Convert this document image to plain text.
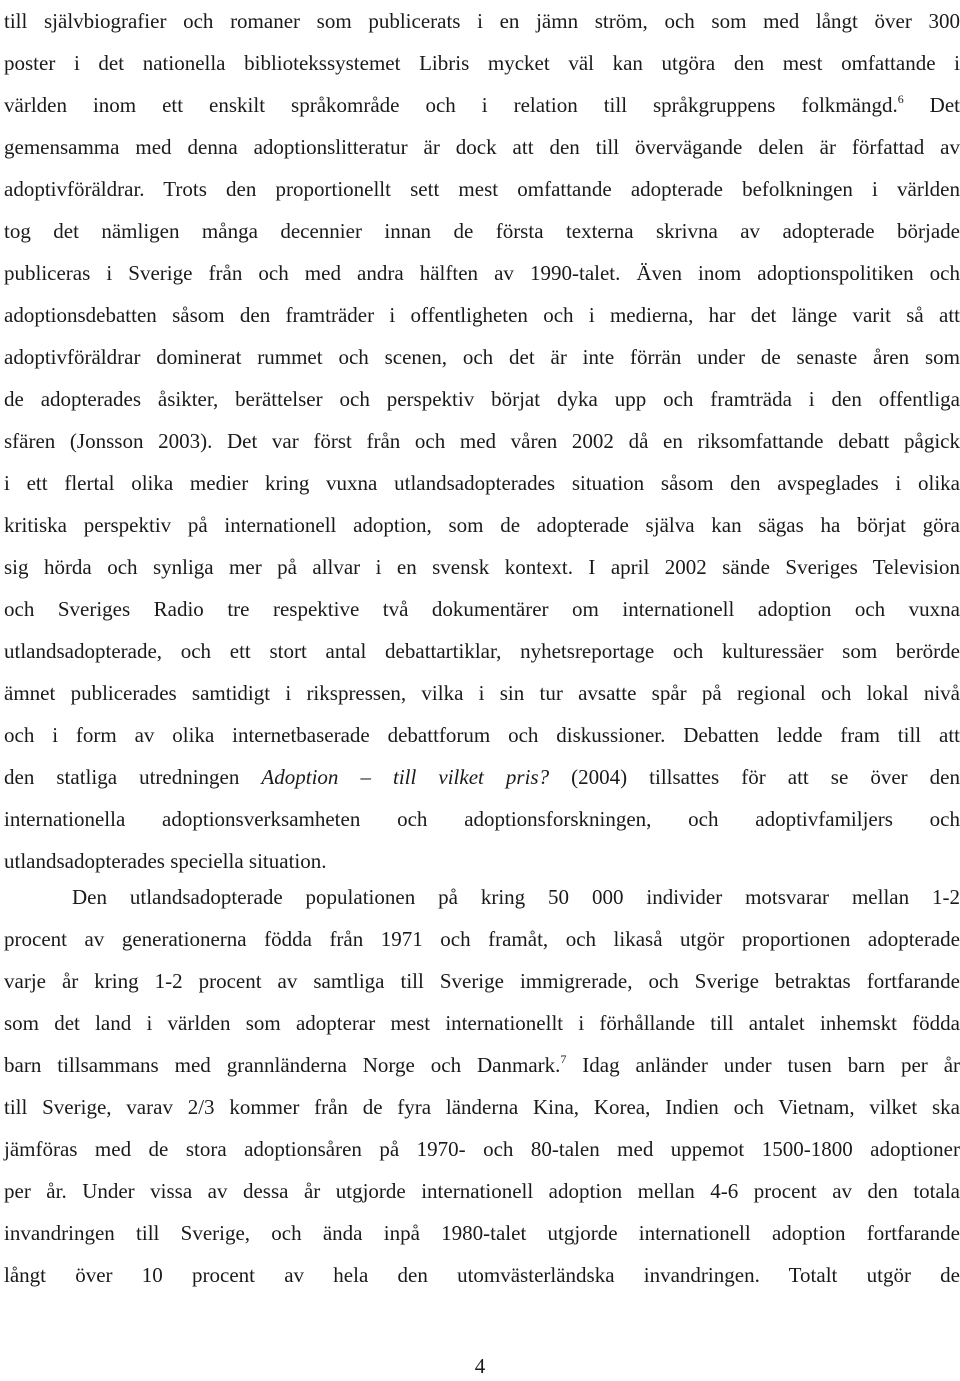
till självbiografier och romaner som publicerats i en jämn ström, och som med långt över 300
poster i det nationella bibliotekssystemet Libris mycket väl kan utgöra den mest omfattande i
världen inom ett enskilt språkområde och i relation till språkgruppens folkmängd.$^6$ Det
gemensamma med denna adoptionslitteratur är dock att den till övervägande delen är författad av
adoptivföräldrar. Trots den proportionellt sett mest omfattande adopterade befolkningen i världen
tog det nämligen många decennier innan de första texterna skrivna av adopterade började
publiceras i Sverige från och med andra hälften av 1990-talet. Även inom adoptionspolitiken och
adoptionsdebatten såsom den framträder i offentligheten och i medierna, har det länge varit så att
adoptivföräldrar dominerat rummet och scenen, och det är inte förrän under de senaste åren som
de adopterades åsikter, berättelser och perspektiv börjat dyka upp och framträda i den offentliga
sfären (Jonsson 2003). Det var först från och med våren 2002 då en riksomfattande debatt pågick
i ett flertal olika medier kring vuxna utlandsadopterades situation såsom den avspeglades i olika
kritiska perspektiv på internationell adoption, som de adopterade själva kan sägas ha börjat göra
sig hörda och synliga mer på allvar i en svensk kontext. I april 2002 sände Sveriges Television
och Sveriges Radio tre respektive två dokumentärer om internationell adoption och vuxna
utlandsadopterade, och ett stort antal debattartiklar, nyhetsreportage och kulturessäer som berörde
ämnet publicerades samtidigt i rikspressen, vilka i sin tur avsatte spår på regional och lokal nivå
och i form av olika internetbaserade debattforum och diskussioner. Debatten ledde fram till att
den statliga utredningen Adoption – till vilket pris? (2004) tillsattes för att se över den
internationella adoptionsverksamheten och adoptionsforskningen, och adoptivfamiljers och
utlandsadopterades speciella situation.
Den utlandsadopterade populationen på kring 50 000 individer motsvarar mellan 1-2
procent av generationerna födda från 1971 och framåt, och likaså utgör proportionen adopterade
varje år kring 1-2 procent av samtliga till Sverige immigrerade, och Sverige betraktas fortfarande
som det land i världen som adopterar mest internationellt i förhållande till antalet inhemskt födda
barn tillsammans med grannländerna Norge och Danmark.$^7$ Idag anländer under tusen barn per år
till Sverige, varav 2/3 kommer från de fyra länderna Kina, Korea, Indien och Vietnam, vilket ska
jämföras med de stora adoptionsåren på 1970- och 80-talen med uppemot 1500-1800 adoptioner
per år. Under vissa av dessa år utgjorde internationell adoption mellan 4-6 procent av den totala
invandringen till Sverige, och ända inpå 1980-talet utgjorde internationell adoption fortfarande
långt över 10 procent av hela den utomvästerländska invandringen. Totalt utgör de
4
